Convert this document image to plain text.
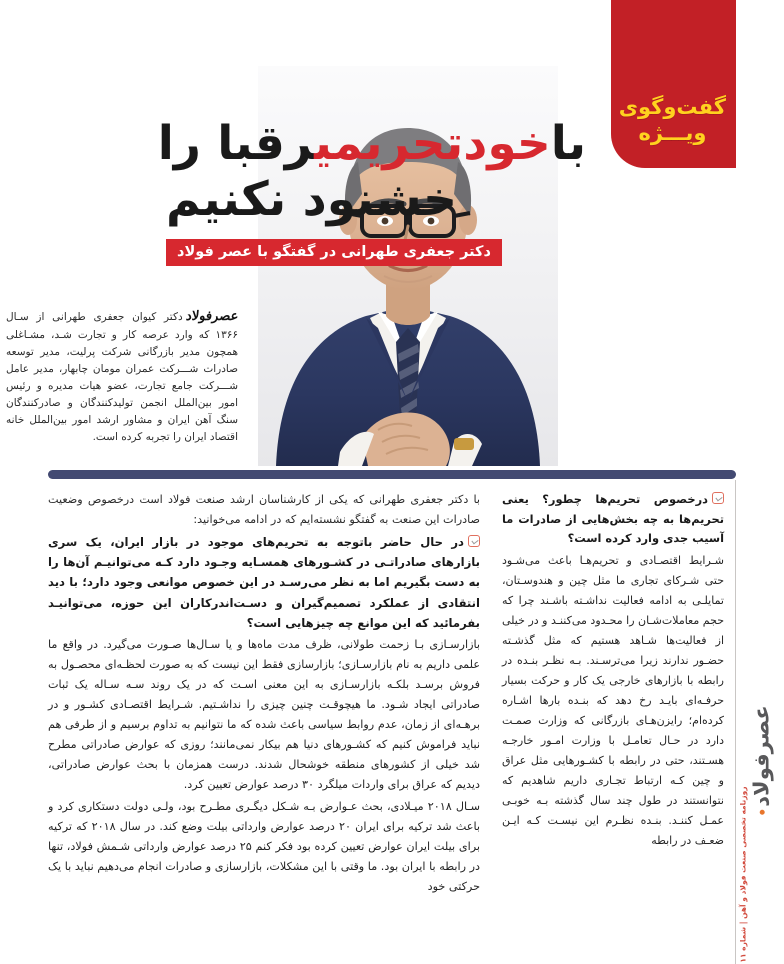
عصرفولاد
روزنامه تخصصی صنعت فولاد و آهن | شماره ۱۱
گفت‌وگوی
ویـــژه
باخودتحریمیرقبا را
خشنود نکنیم
دکتر جعفری طهرانی در گفتگو با عصر فولاد
عصرفولاددکتر کیوان جعفری طهرانی از سـال ۱۳۶۶ که وارد عرصه کار و تجارت شـد، مشـاغلی همچون مدیر بازرگانی شرکت پرلیت، مدیر توسعه صادرات شـــرکت عمران مومان چابهار، مدیر عامل شـــرکت جامع تجارت، عضو هیات مدیره و رئیس امور بین‌الملل انجمن تولیدکنندگان و صادرکنندگان سنگ آهن ایران و مشاور ارشد امور بین‌الملل خانه اقتصاد ایران را تجربه کرده است.

با دکتر جعفری طهرانی که یکی از کارشناسان ارشد صنعت فولاد است درخصوص وضعیت صادرات این صنعت به گفتگو نشسته‌ایم که در ادامه می‌خوانید:

در حال حاضر باتوجه به تحریم‌های موجود در بازار ایران، یک سری بازارهای صادراتـی در کشـورهای همسـایه وجـود دارد کـه می‌توانیـم آن‌ها را به دست بگیریم اما به نظر می‌رسـد در این خصوص موانعی وجود دارد؛ با دید انتقادی از عملکرد تصمیم‌گیران و دسـت‌اندرکاران این حوزه، می‌توانیـد بفرمائید که این موانع چه چیزهایی است؟

بازارسـازی بـا زحمت طولانی، ظرف مدت ماه‌ها و یا سـال‌ها صـورت می‌گیرد. در واقع ما علمی داریم به نام بازارسـازی؛ بازارسازی فقط این نیست که به صورت لحظـه‌ای محصـول به فروش برسـد بلکـه بازارسـازی به این معنی اسـت که در یک روند سـه سـاله یک ثبات صادراتی ایجاد شـود. ما هیچوقـت چنین چیزی را نداشـتیم. شـرایط اقتصـادی کشـور و در برهـه‌ای از زمان، عدم روابط سیاسی باعث شده که ما نتوانیم به تداوم برسیم و از طرفی هم نباید فراموش کنیم که کشـورهای دنیا هم بیکار نمی‌مانند؛ روزی که عوارض صادراتی مطرح شد خیلی از کشورهای منطقه خوشحال شدند. درست همزمان با بحث عوارض صادراتی، دیدیم که عراق برای واردات میلگرد ۳۰ درصد عوارض تعیین کرد.

سـال ۲۰۱۸ میـلادی، بحث عـوارض بـه شـکل دیگـری مطـرح بود، ولـی دولت دستکاری کرد و باعث شد ترکیه برای ایران ۲۰ درصد عوارض وارداتی بیلت وضع کند. در سال ۲۰۱۸ که ترکیه برای بیلت ایران عوارض تعیین کرده بود فکر کنم ۲۵ درصد عوارض وارداتی شـمش فولاد، تنها در رابطه با ایران بود. ما وقتی با این مشکلات، بازارسازی و صادرات انجام می‌دهیم نباید با یک حرکتی خود

درخصوص تحریم‌ها چطور؟ یعنی تحریم‌ها به چه بخش‌هایی از صادرات ما آسیب جدی وارد کرده است؟

شـرایط اقتصـادی و تحریم‌هـا باعث می‌شـود حتی شـرکای تجاری ما مثل چین و هندوسـتان، تمایلـی به ادامه فعالیت نداشـته باشـند چرا که حجم معاملات‌شـان را محـدود می‌کننـد و در خیلی از فعالیت‌ها شـاهد هستیم که مثل گذشـته حضـور ندارند زیرا می‌ترسـند. بـه نظـر بنـده در رابطه با بازارهای خارجی یک کار و حرکت بسیار حرفـه‌ای بایـد رخ دهد که بنـده بارها اشـاره کرده‌ام؛ رایزن‌هـای بازرگانی که وزارت صمـت دارد در حـال تعامـل با وزارت امـور خارجـه هسـتند، حتی در رابطه با کشـورهایی مثل عراق و چین کـه ارتباط تجـاری داریم شاهدیم که نتوانستند در طول چند سال گذشته بـه خوبـی عمـل کننـد. بنـده نظـرم این نیسـت کـه ایـن ضعـف در رابطه
